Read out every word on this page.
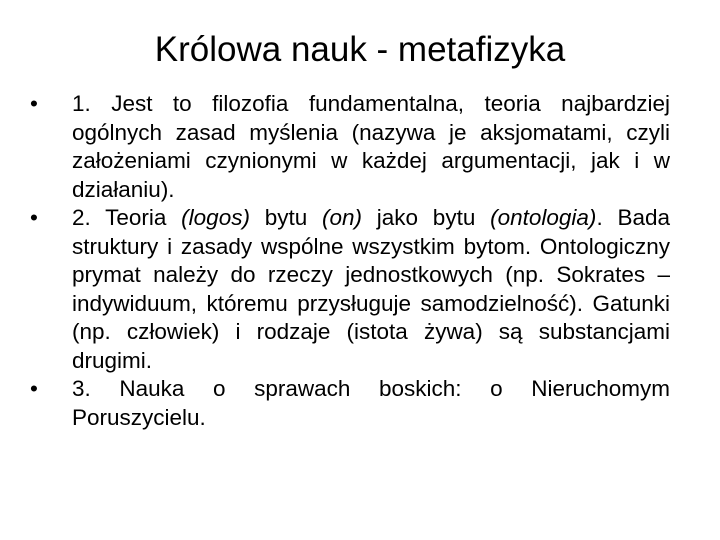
Królowa nauk - metafizyka
•	1. Jest to filozofia fundamentalna, teoria najbardziej ogólnych zasad myślenia (nazywa je aksjomatami, czyli założeniami czynionymi w każdej argumentacji, jak i w działaniu).
•	2. Teoria (logos) bytu (on) jako bytu (ontologia). Bada struktury i zasady wspólne wszystkim bytom. Ontologiczny prymat należy do rzeczy jednostkowych (np. Sokrates – indywiduum, któremu przysługuje samodzielność). Gatunki (np. człowiek) i rodzaje (istota żywa) są substancjami drugimi.
•	3. Nauka o sprawach boskich: o Nieruchomym Poruszycielu.
